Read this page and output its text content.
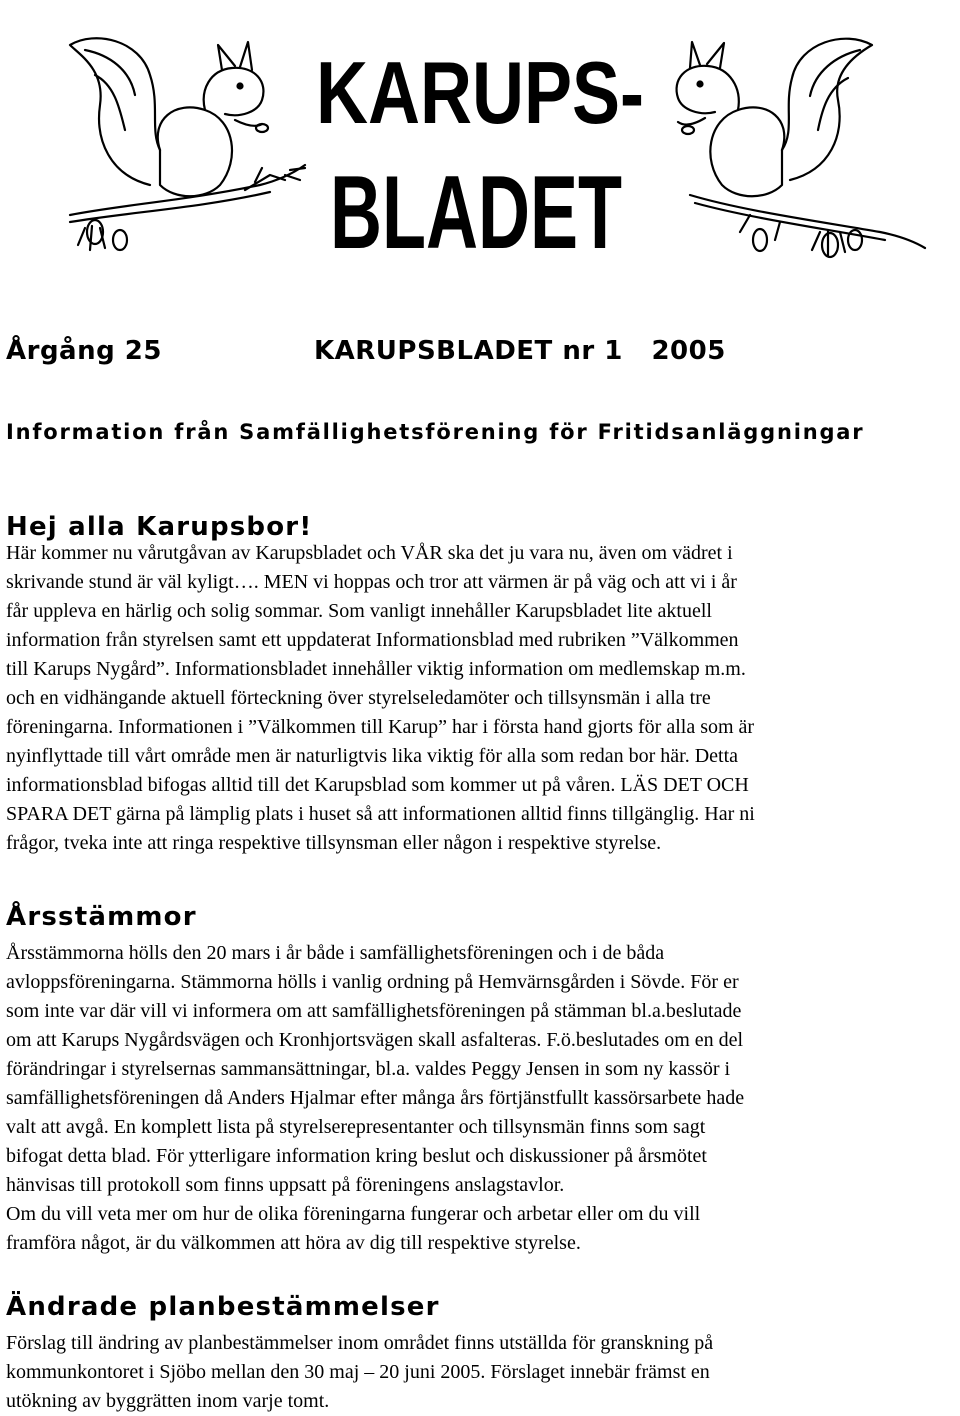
KARUPS-
BLADET
Årgång 25	KARUPSBLADET nr 1 2005
Information från Samfällighetsförening för Fritidsanläggningar
Hej alla Karupsbor!
Här kommer nu vårutgåvan av Karupsbladet och VÅR ska det ju vara nu, även om vädret i
skrivande stund är väl kyligt…. MEN vi hoppas och tror att värmen är på väg och att vi i år
får uppleva en härlig och solig sommar. Som vanligt innehåller Karupsbladet lite aktuell
information från styrelsen samt ett uppdaterat Informationsblad med rubriken ”Välkommen
till Karups Nygård”. Informationsbladet innehåller viktig information om medlemskap m.m.
och en vidhängande aktuell förteckning över styrelseledamöter och tillsynsmän i alla tre
föreningarna. Informationen i ”Välkommen till Karup” har i första hand gjorts för alla som är
nyinflyttade till vårt område men är naturligtvis lika viktig för alla som redan bor här. Detta
informationsblad bifogas alltid till det Karupsblad som kommer ut på våren. LÄS DET OCH
SPARA DET gärna på lämplig plats i huset så att informationen alltid finns tillgänglig. Har ni
frågor, tveka inte att ringa respektive tillsynsman eller någon i respektive styrelse.
Årsstämmor
Årsstämmorna hölls den 20 mars i år både i samfällighetsföreningen och i de båda
avloppsföreningarna. Stämmorna hölls i vanlig ordning på Hemvärnsgården i Sövde. För er
som inte var där vill vi informera om att samfällighetsföreningen på stämman bl.a.beslutade
om att Karups Nygårdsvägen och Kronhjortsvägen skall asfalteras. F.ö.beslutades om en del
förändringar i styrelsernas sammansättningar, bl.a. valdes Peggy Jensen in som ny kassör i
samfällighetsföreningen då Anders Hjalmar efter många års förtjänstfullt kassörsarbete hade
valt att avgå. En komplett lista på styrelserepresentanter och tillsynsmän finns som sagt
bifogat detta blad. För ytterligare information kring beslut och diskussioner på årsmötet
hänvisas till protokoll som finns uppsatt på föreningens anslagstavlor.
Om du vill veta mer om hur de olika föreningarna fungerar och arbetar eller om du vill
framföra något, är du välkommen att höra av dig till respektive styrelse.
Ändrade planbestämmelser
Förslag till ändring av planbestämmelser inom området finns utställda för granskning på
kommunkontoret i Sjöbo mellan den 30 maj – 20 juni 2005. Förslaget innebär främst en
utökning av byggrätten inom varje tomt.
